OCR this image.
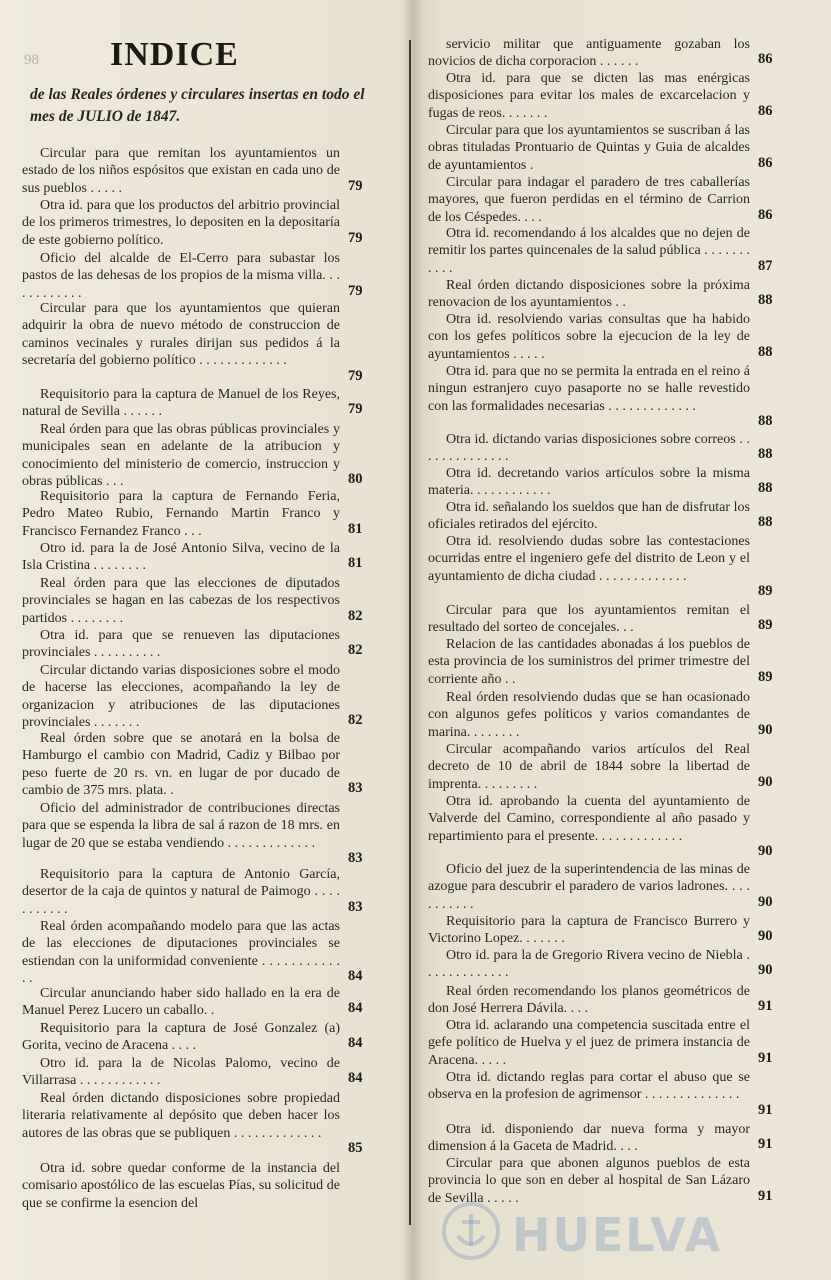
98 INDICE
de las Reales órdenes y circulares insertas en todo el mes de JULIO de 1847.
Circular para que remitan los ayuntamientos un estado de los niños espósitos que existan en cada uno de sus pueblos . . . . .	79
Otra id. para que los productos del arbitrio provincial de los primeros trimestres, lo depositen en la depositaría de este gobierno político.	79
Oficio del alcalde de El-Cerro para subastar los pastos de las dehesas de los propios de la misma villa. . . . . . . . . . . .	79
Circular para que los ayuntamientos que quieran adquirir la obra de nuevo método de construccion de caminos vecinales y rurales dirijan sus pedidos á la secretaría del gobierno político . . . . . . . . . . . . .
79
Requisitorio para la captura de Manuel de los Reyes, natural de Sevilla . . . . . .	79
Real órden para que las obras públicas provinciales y municipales sean en adelante de la atribucion y conocimiento del ministerio de comercio, instruccion y obras públicas . . .	80
Requisitorio para la captura de Fernando Feria, Pedro Mateo Rubio, Fernando Martin Franco y Francisco Fernandez Franco . . .	81
Otro id. para la de José Antonio Silva, vecino de la Isla Cristina . . . . . . . .	81
Real órden para que las elecciones de diputados provinciales se hagan en las cabezas de los respectivos partidos . . . . . . . .	82
Otra id. para que se renueven las diputaciones provinciales . . . . . . . . . .	82
Circular dictando varias disposiciones sobre el modo de hacerse las elecciones, acompañando la ley de organizacion y atribuciones de las diputaciones provinciales . . . . . . .	82
Real órden sobre que se anotará en la bolsa de Hamburgo el cambio con Madrid, Cadiz y Bilbao por peso fuerte de 20 rs. vn. en lugar de por ducado de cambio de 375 mrs. plata. .	83
Oficio del administrador de contribuciones directas para que se espenda la libra de sal á razon de 18 mrs. en lugar de 20 que se estaba vendiendo . . . . . . . . . . . . .
83
Requisitorio para la captura de Antonio García, desertor de la caja de quintos y natural de Paimogo . . . . . . . . . . .	83
Real órden acompañando modelo para que las actas de las elecciones de diputaciones provinciales se estiendan con la uniformidad conveniente . . . . . . . . . . . . .	84
Circular anunciando haber sido hallado en la era de Manuel Perez Lucero un caballo. .	84
Requisitorio para la captura de José Gonzalez (a) Gorita, vecino de Aracena . . . .	84
Otro id. para la de Nicolas Palomo, vecino de Villarrasa . . . . . . . . . . . .	84
Real órden dictando disposiciones sobre propiedad literaria relativamente al depósito que deben hacer los autores de las obras que se publiquen . . . . . . . . . . . . .
85
Otra id. sobre quedar conforme de la instancia del comisario apostólico de las escuelas Pías, su solicitud de que se confirme la esencion del
servicio militar que antiguamente gozaban los novicios de dicha corporacion . . . . . .	86
Otra id. para que se dicten las mas enérgicas disposiciones para evitar los males de excarcelacion y fugas de reos. . . . . . .	86
Circular para que los ayuntamientos se suscriban á las obras tituladas Prontuario de Quintas y Guia de alcaldes de ayuntamientos .	86
Circular para indagar el paradero de tres caballerías mayores, que fueron perdidas en el término de Carrion de los Céspedes. . . .	86
Otra id. recomendando á los alcaldes que no dejen de remitir los partes quincenales de la salud pública . . . . . . . . . . .	87
Real órden dictando disposiciones sobre la próxima renovacion de los ayuntamientos . .	88
Otra id. resolviendo varias consultas que ha habido con los gefes políticos sobre la ejecucion de la ley de ayuntamientos . . . . .	88
Otra id. para que no se permita la entrada en el reino á ningun estranjero cuyo pasaporte no se halle revestido con las formalidades necesarias . . . . . . . . . . . . .
88
Otra id. dictando varias disposiciones sobre correos . . . . . . . . . . . . . .	88
Otra id. decretando varios artículos sobre la misma materia. . . . . . . . . . . .	88
Otra id. señalando los sueldos que han de disfrutar los oficiales retirados del ejército.	88
Otra id. resolviendo dudas sobre las contestaciones ocurridas entre el ingeniero gefe del distrito de Leon y el ayuntamiento de dicha ciudad . . . . . . . . . . . . .
89
Circular para que los ayuntamientos remitan el resultado del sorteo de concejales. . .	89
Relacion de las cantidades abonadas á los pueblos de esta provincia de los suministros del primer trimestre del corriente año . .	89
Real órden resolviendo dudas que se han ocasionado con algunos gefes políticos y varios comandantes de marina. . . . . . . .	90
Circular acompañando varios artículos del Real decreto de 10 de abril de 1844 sobre la libertad de imprenta. . . . . . . . .	90
Otra id. aprobando la cuenta del ayuntamiento de Valverde del Camino, correspondiente al año pasado y repartimiento para el presente. . . . . . . . . . . . .
90
Oficio del juez de la superintendencia de las minas de azogue para descubrir el paradero de varios ladrones. . . . . . . . . . .	90
Requisitorio para la captura de Francisco Burrero y Victorino Lopez. . . . . . .	90
Otro id. para la de Gregorio Rivera vecino de Niebla . . . . . . . . . . . . .	90
Real órden recomendando los planos geométricos de don José Herrera Dávila. . . .	91
Otra id. aclarando una competencia suscitada entre el gefe político de Huelva y el juez de primera instancia de Aracena. . . . .	91
Otra id. dictando reglas para cortar el abuso que se observa en la profesion de agrimensor . . . . . . . . . . . . . .
91
Otra id. disponiendo dar nueva forma y mayor dimension á la Gaceta de Madrid. . . .	91
Circular para que abonen algunos pueblos de esta provincia lo que son en deber al hospital de San Lázaro de Sevilla . . . . .	91
HUELVA
